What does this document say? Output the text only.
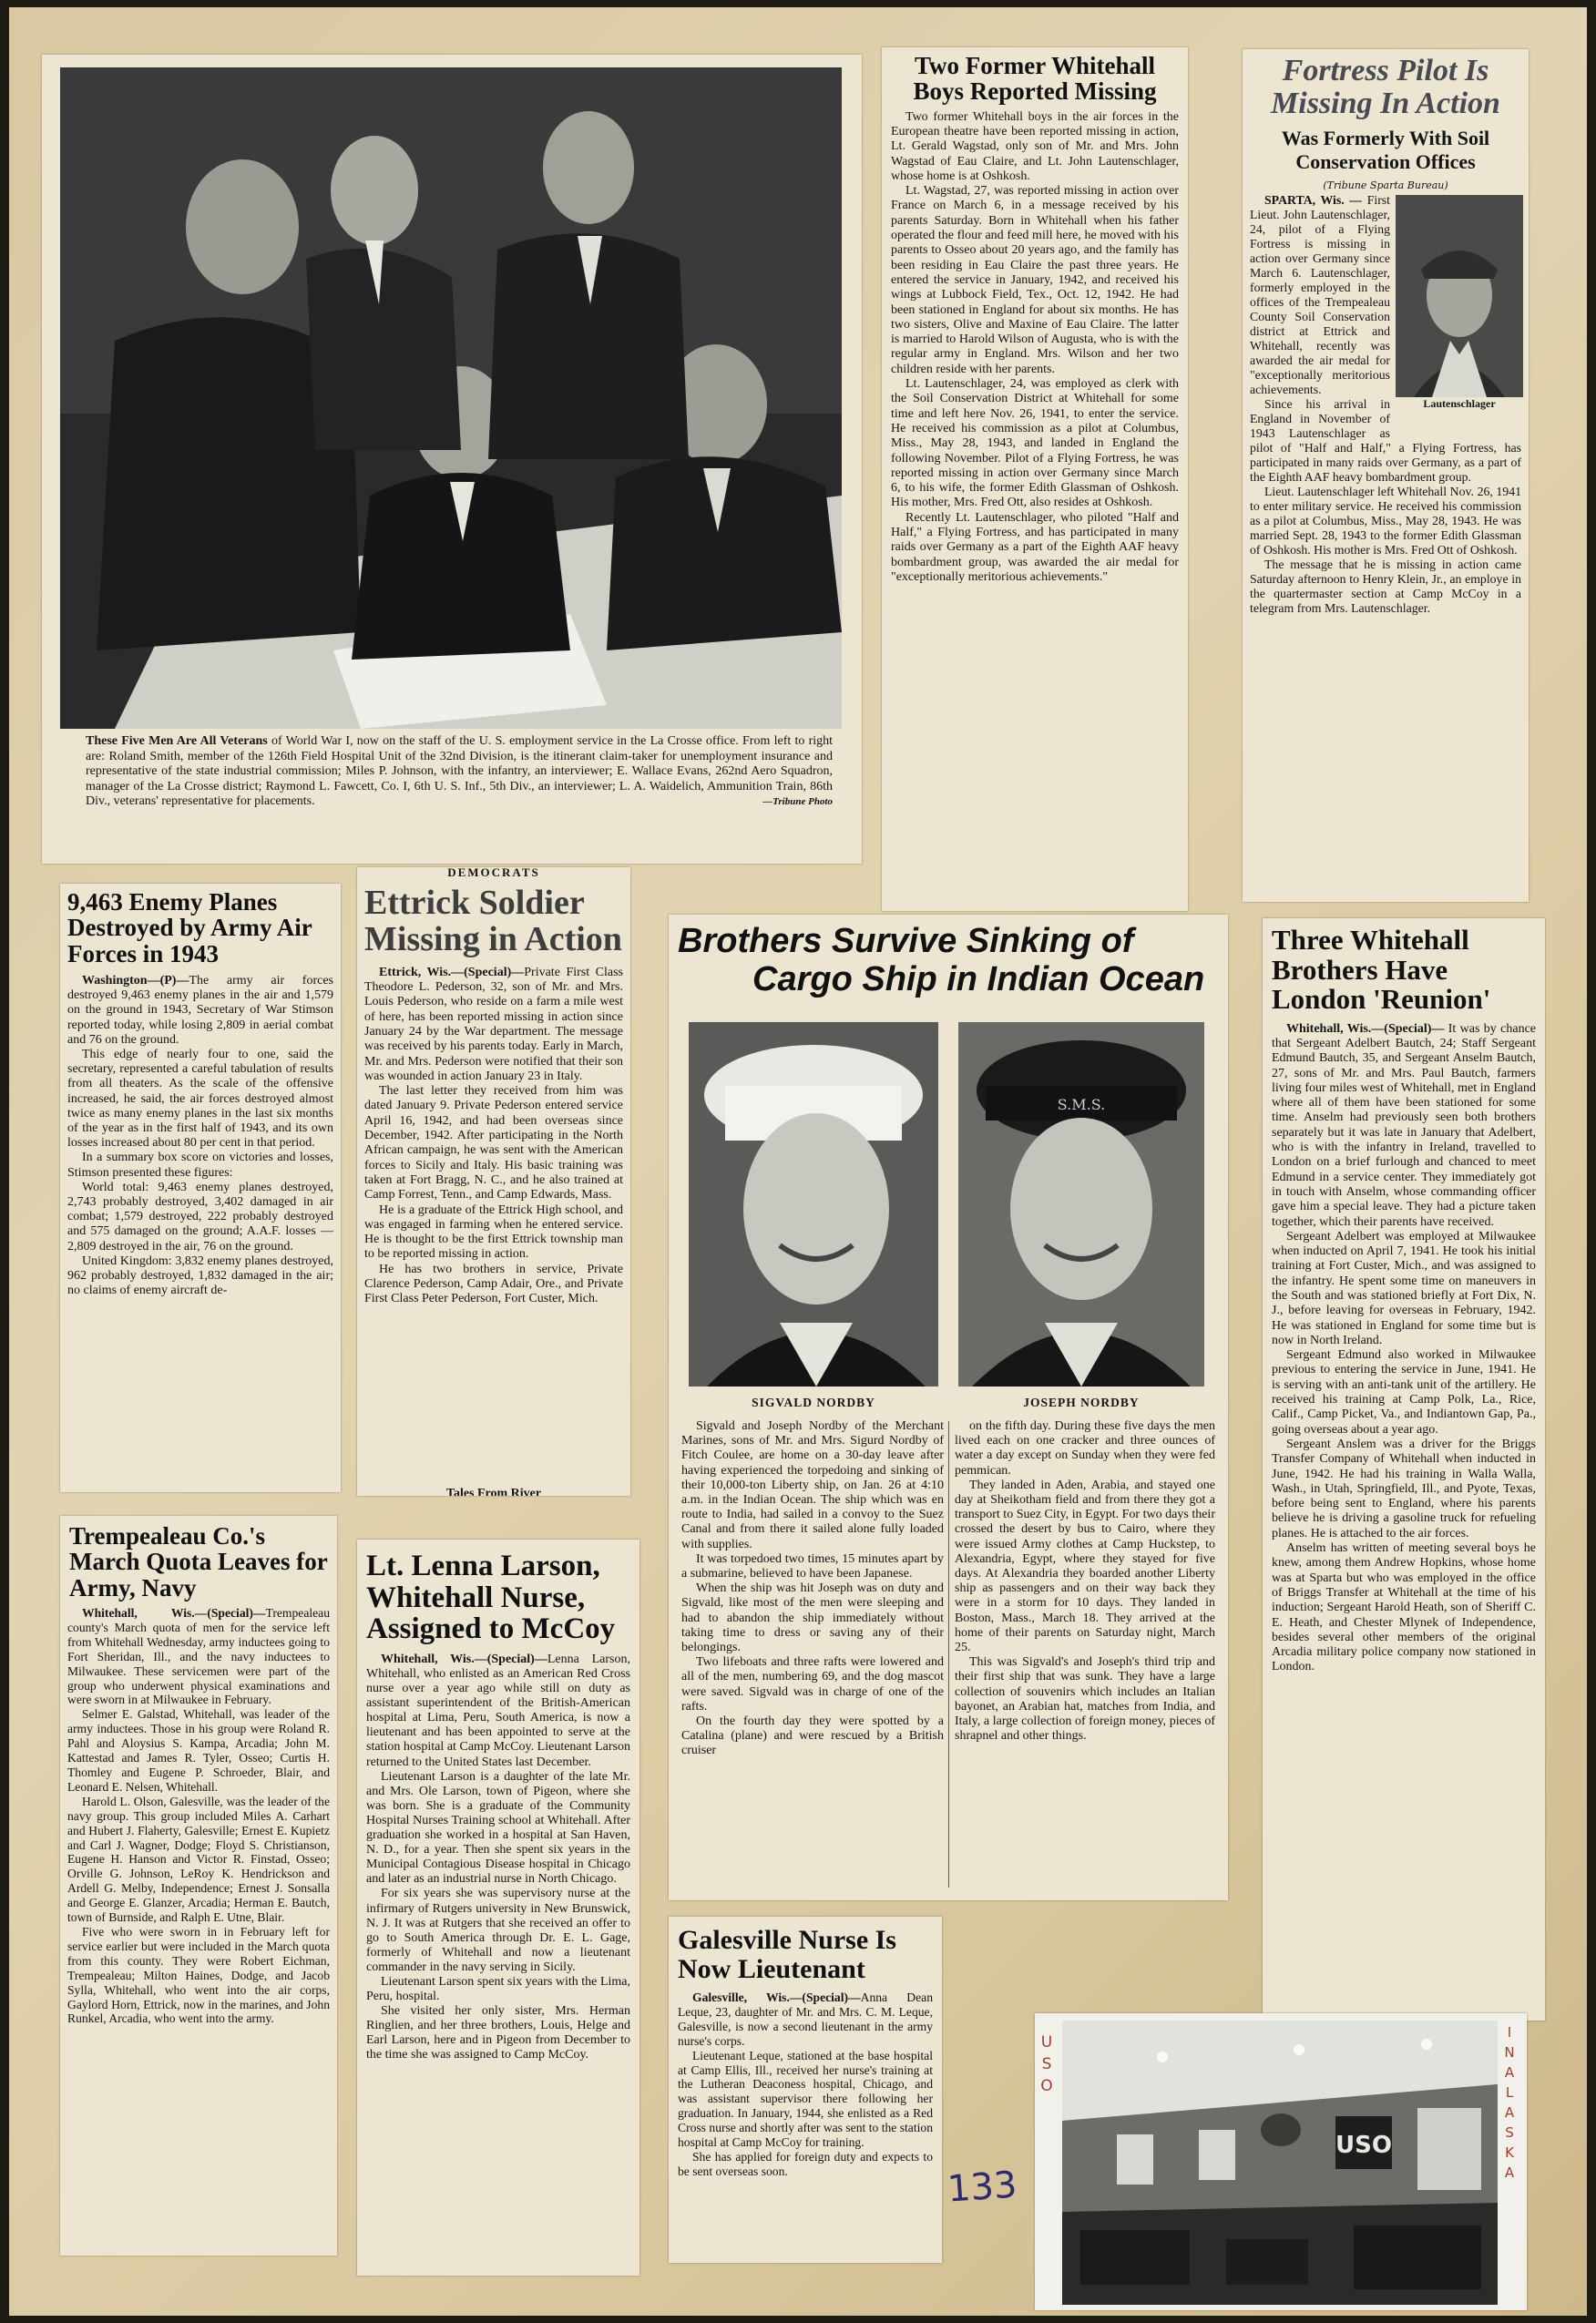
These Five Men Are All Veterans of World War I, now on the staff of the U. S. employment service in the La Crosse office. From left to right are: Roland Smith, member of the 126th Field Hospital Unit of the 32nd Division, is the itinerant claim-taker for unemployment insurance and representative of the state industrial commission; Miles P. Johnson, with the infantry, an interviewer; E. Wallace Evans, 262nd Aero Squadron, manager of the La Crosse district; Raymond L. Fawcett, Co. I, 6th U. S. Inf., 5th Div., an interviewer; L. A. Waidelich, Ammunition Train, 86th Div., veterans' representative for placements.	—Tribune Photo
Two Former Whitehall Boys Reported Missing

Two former Whitehall boys in the air forces in the European theatre have been reported missing in action, Lt. Gerald Wagstad, only son of Mr. and Mrs. John Wagstad of Eau Claire, and Lt. John Lautenschlager, whose home is at Oshkosh.

Lt. Wagstad, 27, was reported missing in action over France on March 6, in a message received by his parents Saturday. Born in Whitehall when his father operated the flour and feed mill here, he moved with his parents to Osseo about 20 years ago, and the family has been residing in Eau Claire the past three years. He entered the service in January, 1942, and received his wings at Lubbock Field, Tex., Oct. 12, 1942. He had been stationed in England for about six months. He has two sisters, Olive and Maxine of Eau Claire. The latter is married to Harold Wilson of Augusta, who is with the regular army in England. Mrs. Wilson and her two children reside with her parents.

Lt. Lautenschlager, 24, was employed as clerk with the Soil Conservation District at Whitehall for some time and left here Nov. 26, 1941, to enter the service. He received his commission as a pilot at Columbus, Miss., May 28, 1943, and landed in England the following November. Pilot of a Flying Fortress, he was reported missing in action over Germany since March 6, to his wife, the former Edith Glassman of Oshkosh. His mother, Mrs. Fred Ott, also resides at Oshkosh.

Recently Lt. Lautenschlager, who piloted "Half and Half," a Flying Fortress, and has participated in many raids over Germany as a part of the Eighth AAF heavy bombardment group, was awarded the air medal for "exceptionally meritorious achievements."

Fortress Pilot Is Missing In Action
Was Formerly With Soil Conservation Offices
(Tribune Sparta Bureau)
Lautenschlager

SPARTA, Wis. — First Lieut. John Lautenschlager, 24, pilot of a Flying Fortress is missing in action over Germany since March 6. Lautenschlager, formerly employed in the offices of the Trempealeau County Soil Conservation district at Ettrick and Whitehall, recently was awarded the air medal for "exceptionally meritorious achievements.

Since his arrival in England in November of 1943 Lautenschlager as pilot of "Half and Half," a Flying Fortress, has participated in many raids over Germany, as a part of the Eighth AAF heavy bombardment group.

Lieut. Lautenschlager left Whitehall Nov. 26, 1941 to enter military service. He received his commission as a pilot at Columbus, Miss., May 28, 1943. He was married Sept. 28, 1943 to the former Edith Glassman of Oshkosh. His mother is Mrs. Fred Ott of Oshkosh.

The message that he is missing in action came Saturday afternoon to Henry Klein, Jr., an employe in the quartermaster section at Camp McCoy in a telegram from Mrs. Lautenschlager.

9,463 Enemy Planes Destroyed by Army Air Forces in 1943

Washington—(P)—The army air forces destroyed 9,463 enemy planes in the air and 1,579 on the ground in 1943, Secretary of War Stimson reported today, while losing 2,809 in aerial combat and 76 on the ground.

This edge of nearly four to one, said the secretary, represented a careful tabulation of results from all theaters. As the scale of the offensive increased, he said, the air forces destroyed almost twice as many enemy planes in the last six months of the year as in the first half of 1943, and its own losses increased about 80 per cent in that period.

In a summary box score on victories and losses, Stimson presented these figures:

World total: 9,463 enemy planes destroyed, 2,743 probably destroyed, 3,402 damaged in air combat; 1,579 destroyed, 222 probably destroyed and 575 damaged on the ground; A.A.F. losses — 2,809 destroyed in the air, 76 on the ground.

United Kingdom: 3,832 enemy planes destroyed, 962 probably destroyed, 1,832 damaged in the air; no claims of enemy aircraft de-

DEMOCRATS
Ettrick Soldier Missing in Action

Ettrick, Wis.—(Special)—Private First Class Theodore L. Pederson, 32, son of Mr. and Mrs. Louis Pederson, who reside on a farm a mile west of here, has been reported missing in action since January 24 by the War department. The message was received by his parents today. Early in March, Mr. and Mrs. Pederson were notified that their son was wounded in action January 23 in Italy.

The last letter they received from him was dated January 9. Private Pederson entered service April 16, 1942, and had been overseas since December, 1942. After participating in the North African campaign, he was sent with the American forces to Sicily and Italy. His basic training was taken at Fort Bragg, N. C., and he also trained at Camp Forrest, Tenn., and Camp Edwards, Mass.

He is a graduate of the Ettrick High school, and was engaged in farming when he entered service. He is thought to be the first Ettrick township man to be reported missing in action.

He has two brothers in service, Private Clarence Pederson, Camp Adair, Ore., and Private First Class Peter Pederson, Fort Custer, Mich.

Tales From River
Brothers Survive Sinking of
Cargo Ship in Indian Ocean
S.M.S.
SIGVALD NORDBY	JOSEPH NORDBY

Sigvald and Joseph Nordby of the Merchant Marines, sons of Mr. and Mrs. Sigurd Nordby of Fitch Coulee, are home on a 30-day leave after having experienced the torpedoing and sinking of their 10,000-ton Liberty ship, on Jan. 26 at 4:10 a.m. in the Indian Ocean. The ship which was en route to India, had sailed in a convoy to the Suez Canal and from there it sailed alone fully loaded with supplies.

It was torpedoed two times, 15 minutes apart by a submarine, believed to have been Japanese.

When the ship was hit Joseph was on duty and Sigvald, like most of the men were sleeping and had to abandon the ship immediately without taking time to dress or saving any of their belongings.

Two lifeboats and three rafts were lowered and all of the men, numbering 69, and the dog mascot were saved. Sigvald was in charge of one of the rafts.

On the fourth day they were spotted by a Catalina (plane) and were rescued by a British cruiser

on the fifth day. During these five days the men lived each on one cracker and three ounces of water a day except on Sunday when they were fed pemmican.

They landed in Aden, Arabia, and stayed one day at Sheikotham field and from there they got a transport to Suez City, in Egypt. For two days their crossed the desert by bus to Cairo, where they were issued Army clothes at Camp Huckstep, to Alexandria, Egypt, where they stayed for five days. At Alexandria they boarded another Liberty ship as passengers and on their way back they were in a storm for 10 days. They landed in Boston, Mass., March 18. They arrived at the home of their parents on Saturday night, March 25.

This was Sigvald's and Joseph's third trip and their first ship that was sunk. They have a large collection of souvenirs which includes an Italian bayonet, an Arabian hat, matches from India, and Italy, a large collection of foreign money, pieces of shrapnel and other things.

Three Whitehall Brothers Have London 'Reunion'

Whitehall, Wis.—(Special)— It was by chance that Sergeant Adelbert Bautch, 24; Staff Sergeant Edmund Bautch, 35, and Sergeant Anselm Bautch, 27, sons of Mr. and Mrs. Paul Bautch, farmers living four miles west of Whitehall, met in England where all of them have been stationed for some time. Anselm had previously seen both brothers separately but it was late in January that Adelbert, who is with the infantry in Ireland, travelled to London on a brief furlough and chanced to meet Edmund in a service center. They immediately got in touch with Anselm, whose commanding officer gave him a special leave. They had a picture taken together, which their parents have received.

Sergeant Adelbert was employed at Milwaukee when inducted on April 7, 1941. He took his initial training at Fort Custer, Mich., and was assigned to the infantry. He spent some time on maneuvers in the South and was stationed briefly at Fort Dix, N. J., before leaving for overseas in February, 1942. He was stationed in England for some time but is now in North Ireland.

Sergeant Edmund also worked in Milwaukee previous to entering the service in June, 1941. He is serving with an anti-tank unit of the artillery. He received his training at Camp Polk, La., Rice, Calif., Camp Picket, Va., and Indiantown Gap, Pa., going overseas about a year ago.

Sergeant Anslem was a driver for the Briggs Transfer Company of Whitehall when inducted in June, 1942. He had his training in Walla Walla, Wash., in Utah, Springfield, Ill., and Pyote, Texas, before being sent to England, where his parents believe he is driving a gasoline truck for refueling planes. He is attached to the air forces.

Anselm has written of meeting several boys he knew, among them Andrew Hopkins, whose home was at Sparta but who was employed in the office of Briggs Transfer at Whitehall at the time of his induction; Sergeant Harold Heath, son of Sheriff C. E. Heath, and Chester Mlynek of Independence, besides several other members of the original Arcadia military police company now stationed in London.

Trempealeau Co.'s March Quota Leaves for Army, Navy

Whitehall, Wis.—(Special)—Trempealeau county's March quota of men for the service left from Whitehall Wednesday, army inductees going to Fort Sheridan, Ill., and the navy inductees to Milwaukee. These servicemen were part of the group who underwent physical examinations and were sworn in at Milwaukee in February.

Selmer E. Galstad, Whitehall, was leader of the army inductees. Those in his group were Roland R. Pahl and Aloysius S. Kampa, Arcadia; John M. Kattestad and James R. Tyler, Osseo; Curtis H. Thomley and Eugene P. Schroeder, Blair, and Leonard E. Nelsen, Whitehall.

Harold L. Olson, Galesville, was the leader of the navy group. This group included Miles A. Carhart and Hubert J. Flaherty, Galesville; Ernest E. Kupietz and Carl J. Wagner, Dodge; Floyd S. Christianson, Eugene H. Hanson and Victor R. Finstad, Osseo; Orville G. Johnson, LeRoy K. Hendrickson and Ardell G. Melby, Independence; Ernest J. Sonsalla and George E. Glanzer, Arcadia; Herman E. Bautch, town of Burnside, and Ralph E. Utne, Blair.

Five who were sworn in in February left for service earlier but were included in the March quota from this county. They were Robert Eichman, Trempealeau; Milton Haines, Dodge, and Jacob Sylla, Whitehall, who went into the air corps, Gaylord Horn, Ettrick, now in the marines, and John Runkel, Arcadia, who went into the army.

Lt. Lenna Larson, Whitehall Nurse, Assigned to McCoy

Whitehall, Wis.—(Special)—Lenna Larson, Whitehall, who enlisted as an American Red Cross nurse over a year ago while still on duty as assistant superintendent of the British-American hospital at Lima, Peru, South America, is now a lieutenant and has been appointed to serve at the station hospital at Camp McCoy. Lieutenant Larson returned to the United States last December.

Lieutenant Larson is a daughter of the late Mr. and Mrs. Ole Larson, town of Pigeon, where she was born. She is a graduate of the Community Hospital Nurses Training school at Whitehall. After graduation she worked in a hospital at San Haven, N. D., for a year. Then she spent six years in the Municipal Contagious Disease hospital in Chicago and later as an industrial nurse in North Chicago.

For six years she was supervisory nurse at the infirmary of Rutgers university in New Brunswick, N. J. It was at Rutgers that she received an offer to go to South America through Dr. E. L. Gage, formerly of Whitehall and now a lieutenant commander in the navy serving in Sicily.

Lieutenant Larson spent six years with the Lima, Peru, hospital.

She visited her only sister, Mrs. Herman Ringlien, and her three brothers, Louis, Helge and Earl Larson, here and in Pigeon from December to the time she was assigned to Camp McCoy.

Galesville Nurse Is Now Lieutenant

Galesville, Wis.—(Special)—Anna Dean Leque, 23, daughter of Mr. and Mrs. C. M. Leque, Galesville, is now a second lieutenant in the army nurse's corps.

Lieutenant Leque, stationed at the base hospital at Camp Ellis, Ill., received her nurse's training at the Lutheran Deaconess hospital, Chicago, and was assistant supervisor there following her graduation. In January, 1944, she enlisted as a Red Cross nurse and shortly after was sent to the station hospital at Camp McCoy for training.

She has applied for foreign duty and expects to be sent overseas soon.	133
USO
USO
IN ALASKA
